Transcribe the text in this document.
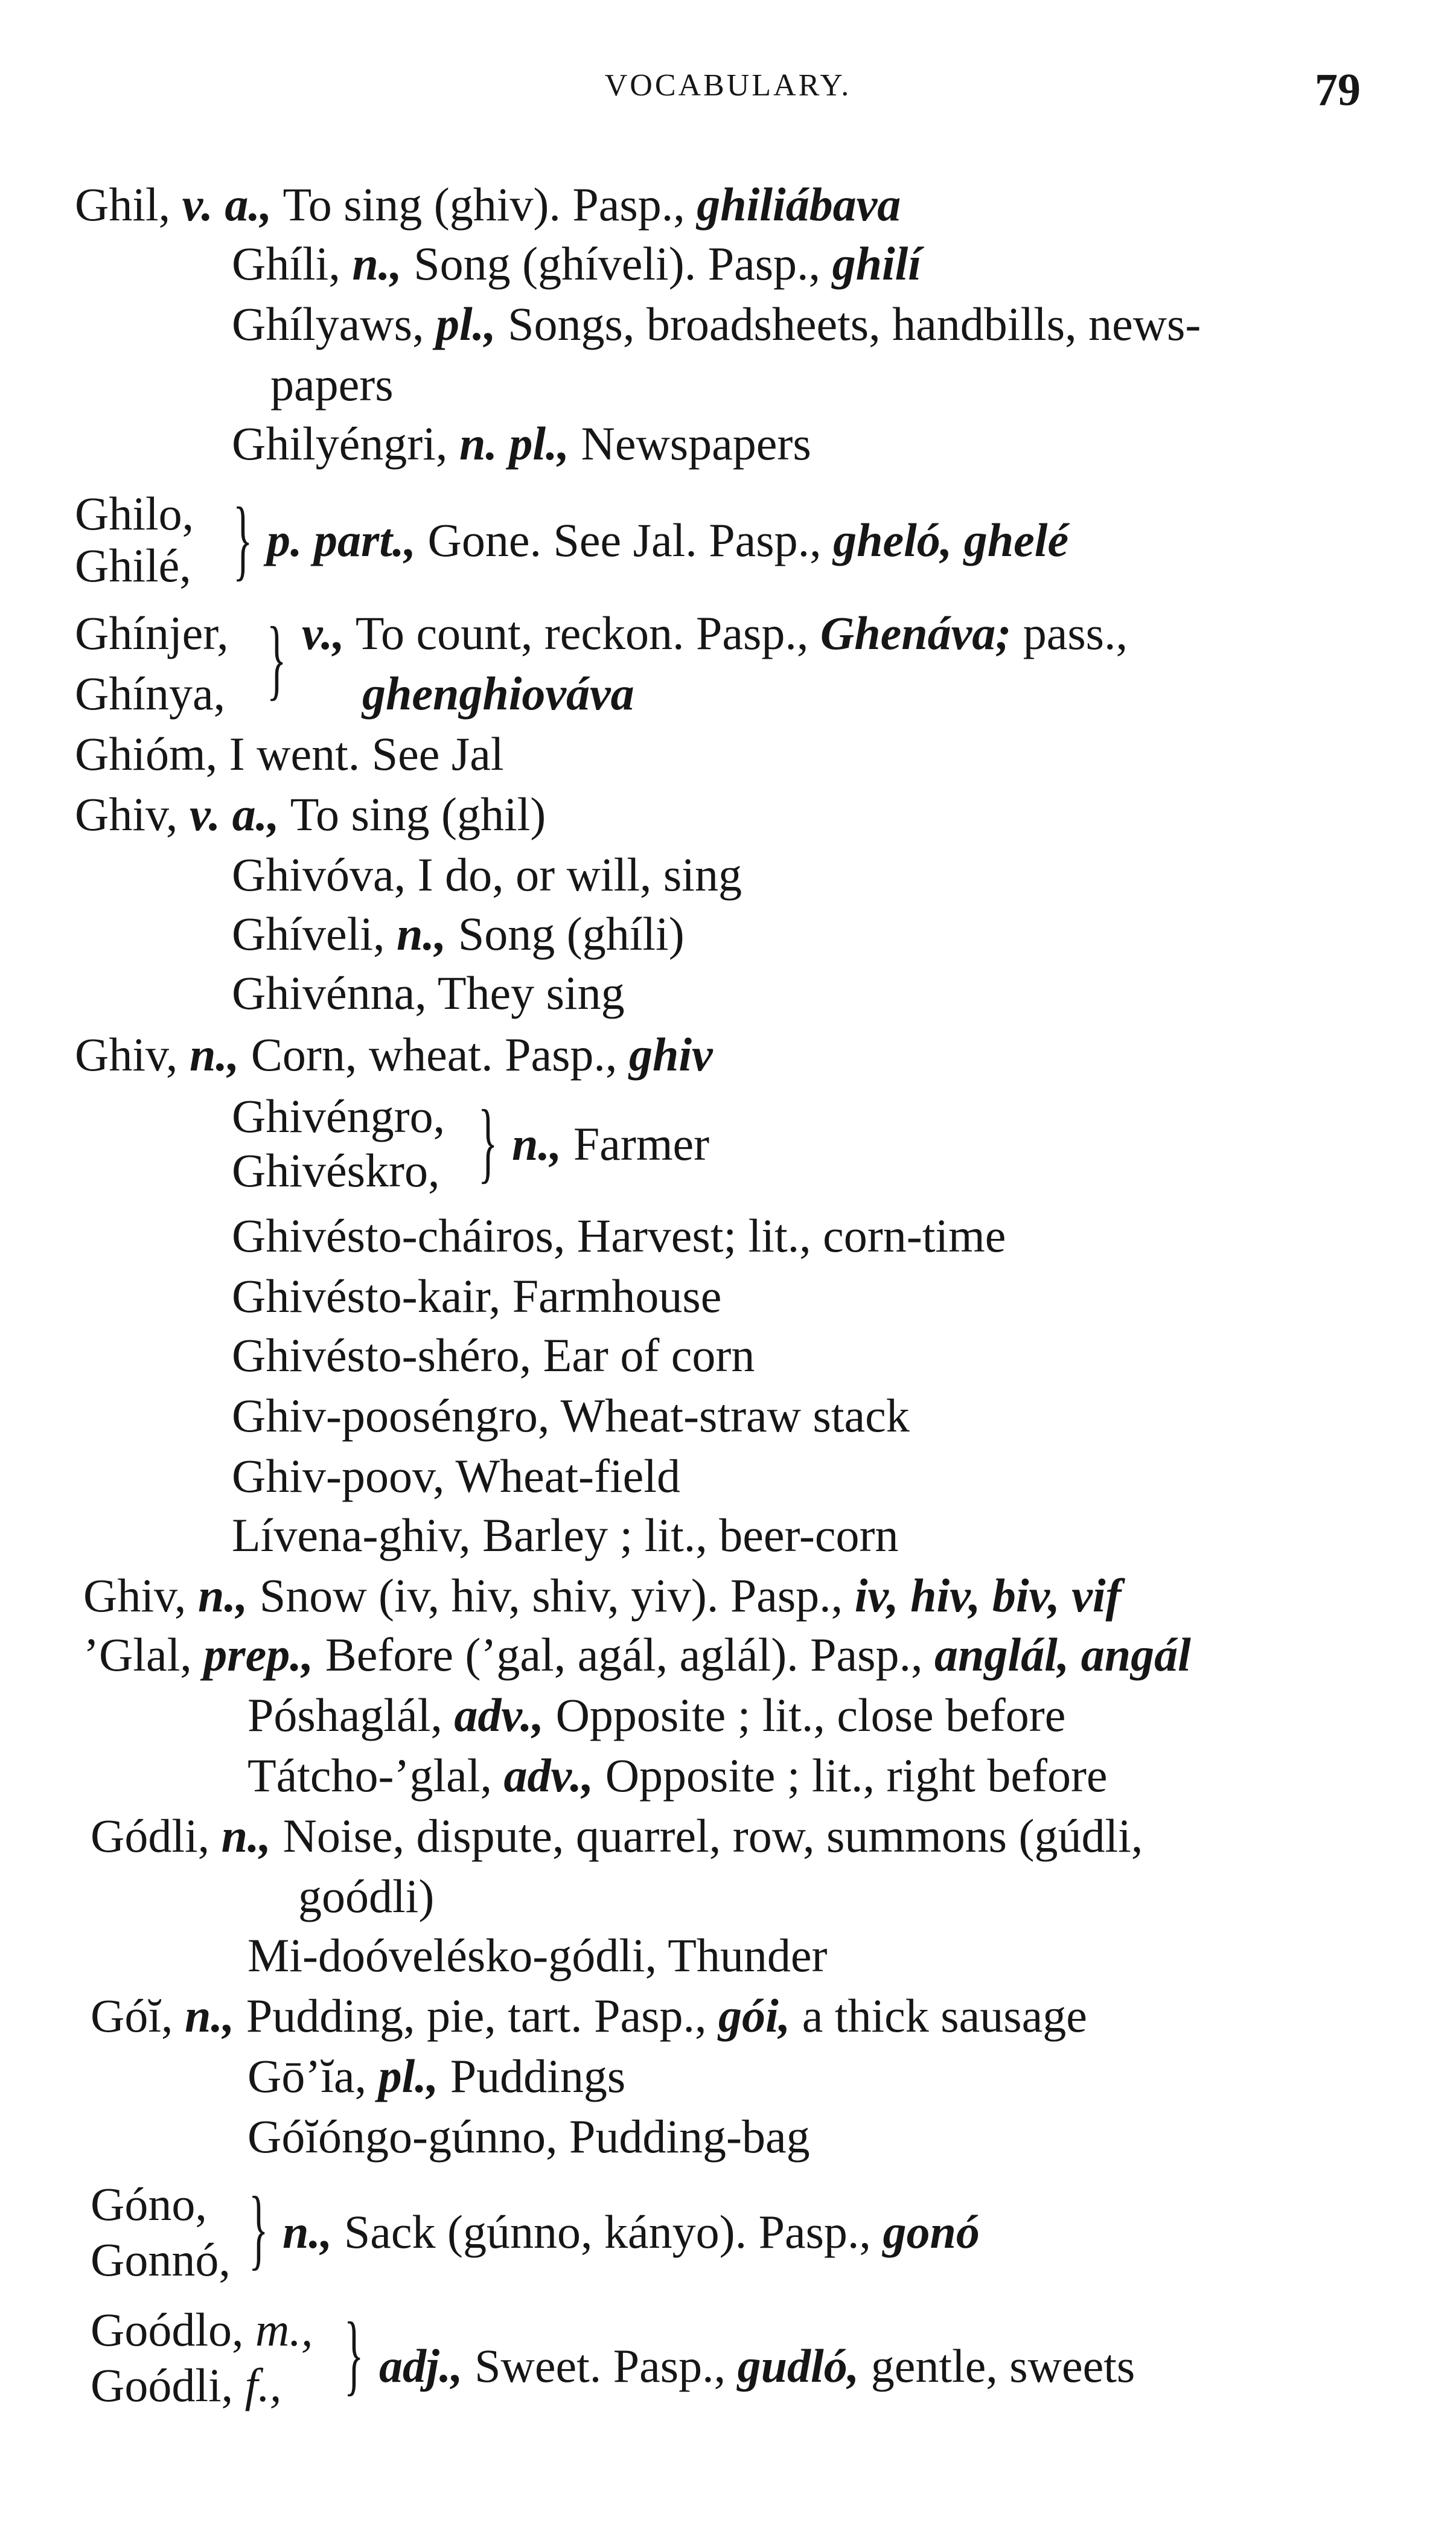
VOCABULARY.	79
Ghil, v. a., To sing (ghiv). Pasp., ghiliábava
Ghíli, n., Song (ghíveli). Pasp., ghilí
Ghílyaws, pl., Songs, broadsheets, handbills, news-
papers
Ghilyéngri, n. pl., Newspapers
Ghilo,
Ghilé, } p. part., Gone. See Jal. Pasp., gheló, ghelé
Ghínjer,
Ghínya, } v., To count, reckon. Pasp., Ghenáva; pass.,
ghenghiováva
Ghióm, I went. See Jal
Ghiv, v. a., To sing (ghil)
Ghivóva, I do, or will, sing
Ghíveli, n., Song (ghíli)
Ghivénna, They sing
Ghiv, n., Corn, wheat. Pasp., ghiv
Ghivéngro,
Ghivéskro, } n., Farmer
Ghivésto-cháiros, Harvest; lit., corn-time
Ghivésto-kair, Farmhouse
Ghivésto-shéro, Ear of corn
Ghiv-pooséngro, Wheat-straw stack
Ghiv-poov, Wheat-field
Lívena-ghiv, Barley ; lit., beer-corn
Ghiv, n., Snow (iv, hiv, shiv, yiv). Pasp., iv, hiv, biv, vif
’Glal, prep., Before (’gal, agál, aglál). Pasp., anglál, angál
Póshaglál, adv., Opposite ; lit., close before
Tátcho-’glal, adv., Opposite ; lit., right before
Gódli, n., Noise, dispute, quarrel, row, summons (gúdli,
goódli)
Mi-doóvelésko-gódli, Thunder
Góĭ, n., Pudding, pie, tart. Pasp., gói, a thick sausage
Gō’ĭa, pl., Puddings
Góĭóngo-gúnno, Pudding-bag
Góno,
Gonnó, } n., Sack (gúnno, kányo). Pasp., gonó
Goódlo, m.,
Goódli, f., } adj., Sweet. Pasp., gudló, gentle, sweets
